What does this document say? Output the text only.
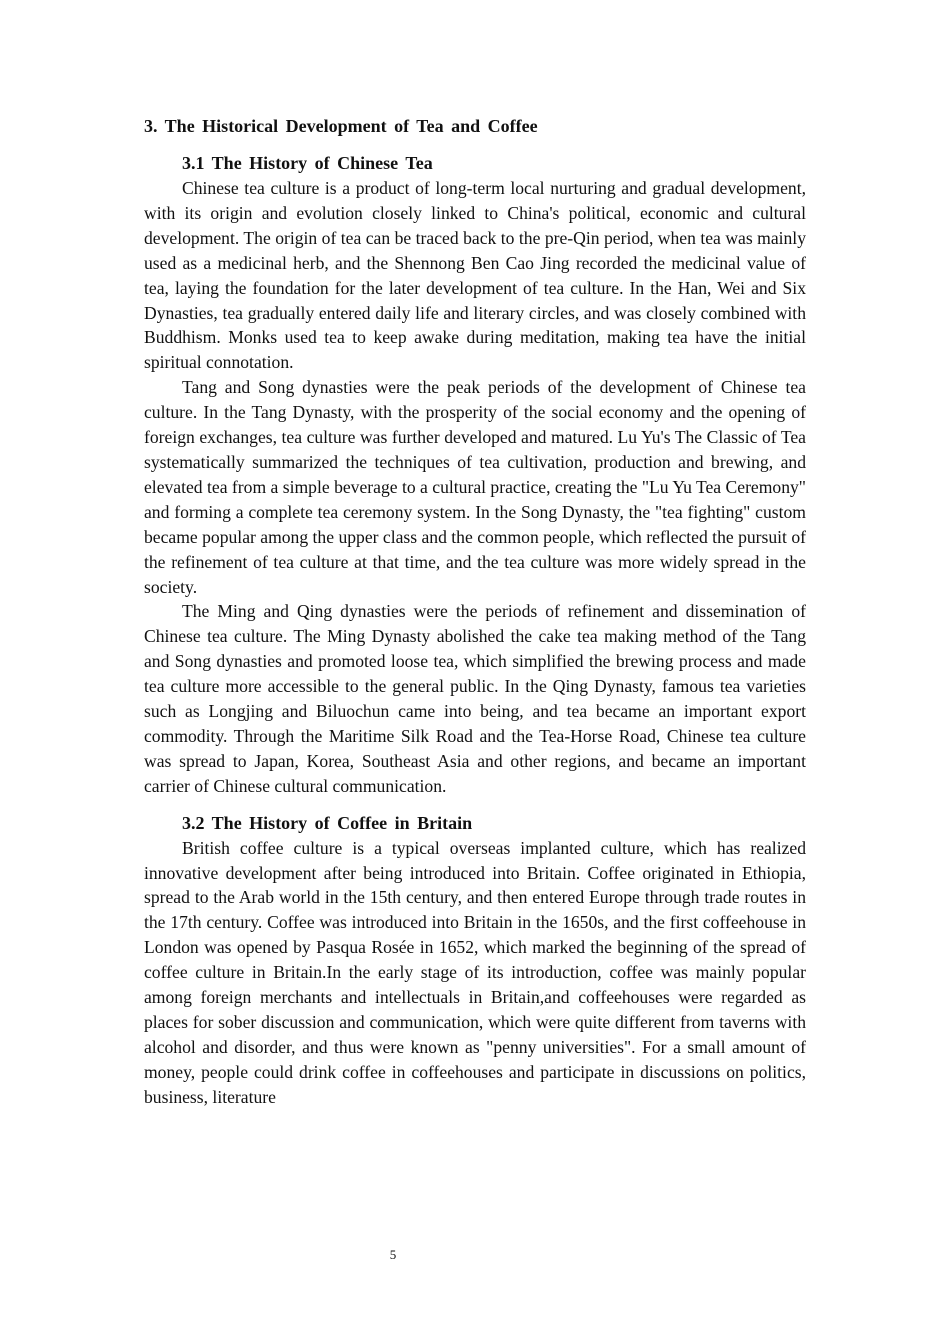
3. The Historical Development of Tea and Coffee
3.1 The History of Chinese Tea

Chinese tea culture is a product of long-term local nurturing and gradual development, with its origin and evolution closely linked to China's political, economic and cultural development. The origin of tea can be traced back to the pre-Qin period, when tea was mainly used as a medicinal herb, and the Shennong Ben Cao Jing recorded the medicinal value of tea, laying the foundation for the later development of tea culture. In the Han, Wei and Six Dynasties, tea gradually entered daily life and literary circles, and was closely combined with Buddhism. Monks used tea to keep awake during meditation, making tea have the initial spiritual connotation.

Tang and Song dynasties were the peak periods of the development of Chinese tea culture. In the Tang Dynasty, with the prosperity of the social economy and the opening of foreign exchanges, tea culture was further developed and matured. Lu Yu's The Classic of Tea systematically summarized the techniques of tea cultivation, production and brewing, and elevated tea from a simple beverage to a cultural practice, creating the "Lu Yu Tea Ceremony" and forming a complete tea ceremony system. In the Song Dynasty, the "tea fighting" custom became popular among the upper class and the common people, which reflected the pursuit of the refinement of tea culture at that time, and the tea culture was more widely spread in the society.

The Ming and Qing dynasties were the periods of refinement and dissemination of Chinese tea culture. The Ming Dynasty abolished the cake tea making method of the Tang and Song dynasties and promoted loose tea, which simplified the brewing process and made tea culture more accessible to the general public. In the Qing Dynasty, famous tea varieties such as Longjing and Biluochun came into being, and tea became an important export commodity. Through the Maritime Silk Road and the Tea-Horse Road, Chinese tea culture was spread to Japan, Korea, Southeast Asia and other regions, and became an important carrier of Chinese cultural communication.

3.2 The History of Coffee in Britain

British coffee culture is a typical overseas implanted culture, which has realized innovative development after being introduced into Britain. Coffee originated in Ethiopia, spread to the Arab world in the 15th century, and then entered Europe through trade routes in the 17th century. Coffee was introduced into Britain in the 1650s, and the first coffeehouse in London was opened by Pasqua Rosée in 1652, which marked the beginning of the spread of coffee culture in Britain.In the early stage of its introduction, coffee was mainly popular among foreign merchants and intellectuals in Britain,and coffeehouses were regarded as places for sober discussion and communication, which were quite different from taverns with alcohol and disorder, and thus were known as "penny universities". For a small amount of money, people could drink coffee in coffeehouses and participate in discussions on politics, business, literature

5
